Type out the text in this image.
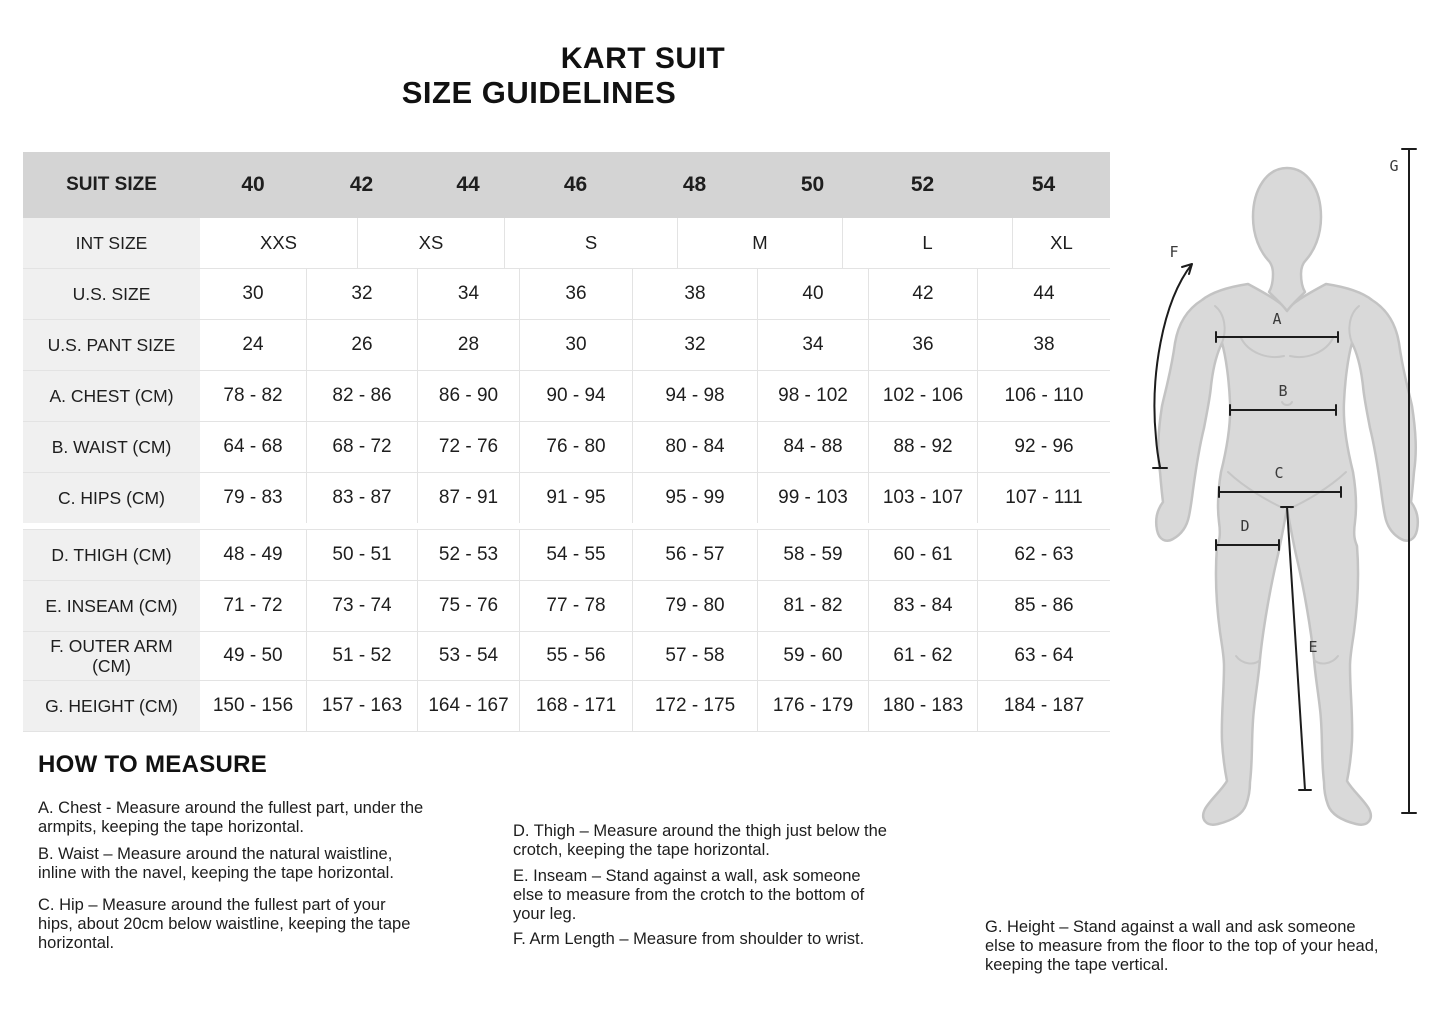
KART SUIT
SIZE GUIDELINES
SUIT SIZE	40	42	44	46	48	50	52	54
INT SIZE	XXS	XS	S	M	L	XL
U.S. SIZE	30	32	34	36	38	40	42	44
U.S. PANT SIZE	24	26	28	30	32	34	36	38
A. CHEST (CM)	78 - 82	82 - 86	86 - 90	90 - 94	94 - 98	98 - 102	102 - 106	106 - 110
B. WAIST (CM)	64 - 68	68 - 72	72 - 76	76 - 80	80 - 84	84 - 88	88 - 92	92 - 96
C. HIPS (CM)	79 - 83	83 - 87	87 - 91	91 - 95	95 - 99	99 - 103	103 - 107	107 - 111
D. THIGH (CM)	48 - 49	50 - 51	52 - 53	54 - 55	56 - 57	58 - 59	60 - 61	62 - 63
E. INSEAM (CM)	71 - 72	73 - 74	75 - 76	77 - 78	79 - 80	81 - 82	83 - 84	85 - 86
F. OUTER ARM (CM)	49 - 50	51 - 52	53 - 54	55 - 56	57 - 58	59 - 60	61 - 62	63 - 64
G. HEIGHT (CM)	150 - 156	157 - 163	164 - 167	168 - 171	172 - 175	176 - 179	180 - 183	184 - 187
HOW TO MEASURE
A. Chest - Measure around the fullest part, under the armpits, keeping the tape horizontal.
B. Waist – Measure around the natural waistline, inline with the navel, keeping the tape horizontal.
C. Hip – Measure around the fullest part of your hips, about 20cm below waistline, keeping the tape horizontal.
D. Thigh – Measure around the thigh just below the crotch, keeping the tape horizontal.
E. Inseam – Stand against a wall, ask someone else to measure from the crotch to the bottom of your leg.
F. Arm Length – Measure from shoulder to wrist.
G. Height – Stand against a wall and ask someone else to measure from the floor to the top of your head, keeping the tape vertical.
A
B
C
D
E
F
G
